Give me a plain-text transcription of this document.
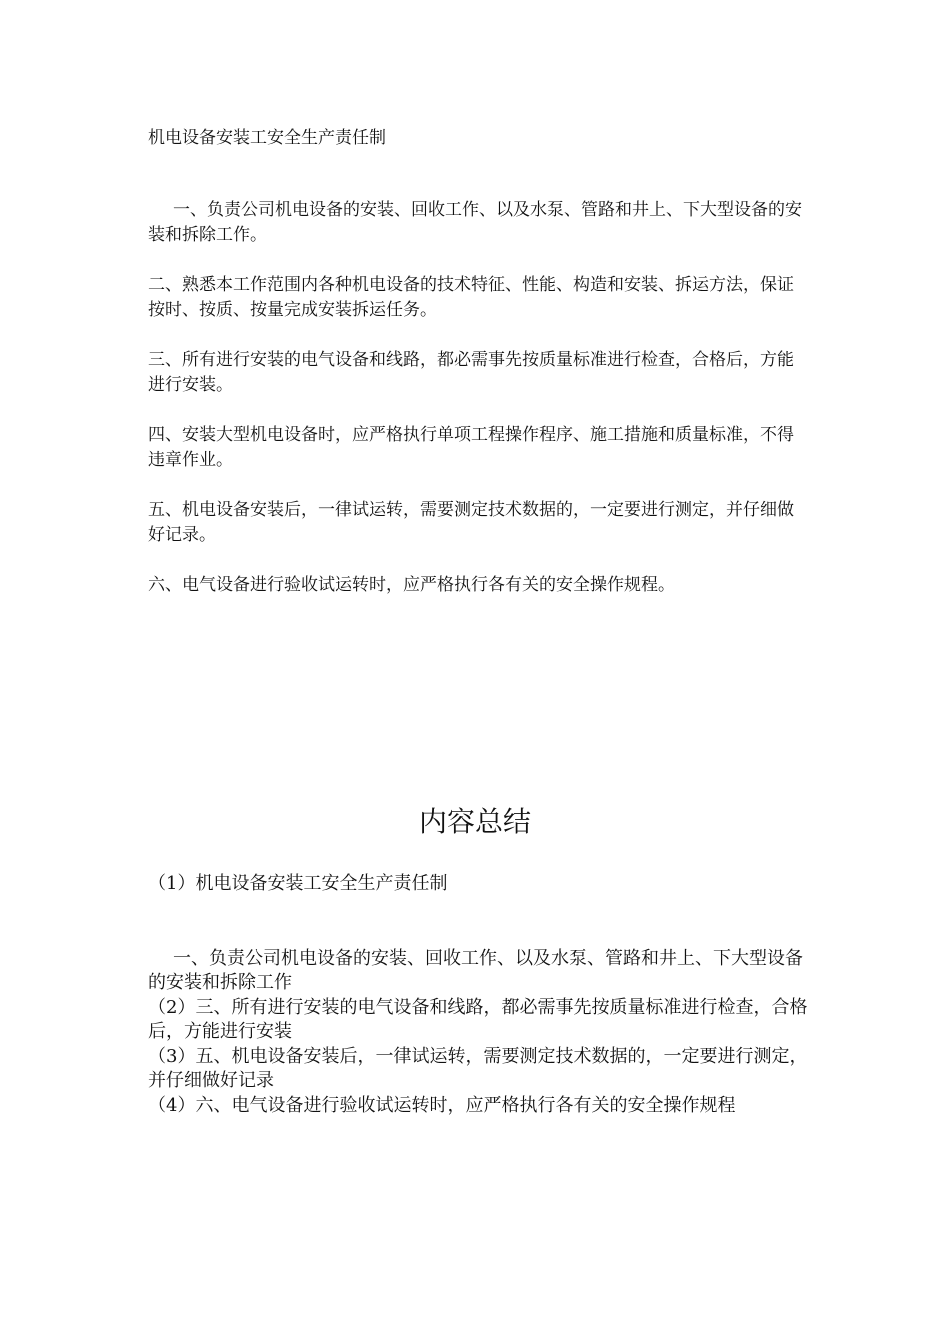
机电设备安装工安全生产责任制

一、负责公司机电设备的安装、回收工作、以及水泵、管路和井上、下大型设备的安装和拆除工作。

二、熟悉本工作范围内各种机电设备的技术特征、性能、构造和安装、拆运方法，保证按时、按质、按量完成安装拆运任务。

三、所有进行安装的电气设备和线路，都必需事先按质量标准进行检查，合格后，方能进行安装。

四、安装大型机电设备时，应严格执行单项工程操作程序、施工措施和质量标准，不得违章作业。

五、机电设备安装后，一律试运转，需要测定技术数据的，一定要进行测定，并仔细做好记录。

六、电气设备进行验收试运转时，应严格执行各有关的安全操作规程。

内容总结

（1）机电设备安装工安全生产责任制

一、负责公司机电设备的安装、回收工作、以及水泵、管路和井上、下大型设备的安装和拆除工作

（2）三、所有进行安装的电气设备和线路，都必需事先按质量标准进行检查，合格后，方能进行安装

（3）五、机电设备安装后，一律试运转，需要测定技术数据的，一定要进行测定，并仔细做好记录

（4）六、电气设备进行验收试运转时，应严格执行各有关的安全操作规程
